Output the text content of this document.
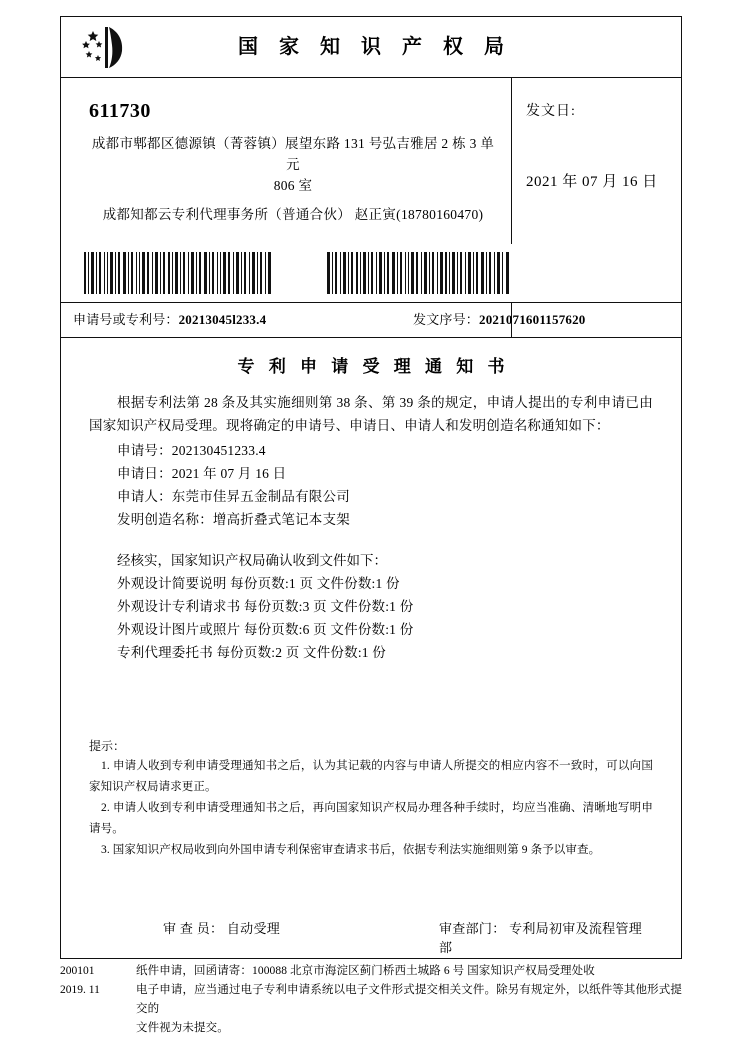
国 家 知 识 产 权 局
611730
成都市郫都区德源镇（菁蓉镇）展望东路 131 号弘吉雅居 2 栋 3 单元
806 室
成都知都云专利代理事务所（普通合伙） 赵正寅(18780160470)
发文日:
2021 年 07 月 16 日
申请号或专利号：20213045l233.4	发文序号：2021071601157620
专 利 申 请 受 理 通 知 书
根据专利法第 28 条及其实施细则第 38 条、第 39 条的规定，申请人提出的专利申请已由国家知识产权局受理。现将确定的申请号、申请日、申请人和发明创造名称通知如下：
申请号：202130451233.4
申请日：2021 年 07 月 16 日
申请人：东莞市佳昇五金制品有限公司
发明创造名称：增高折叠式笔记本支架
经核实，国家知识产权局确认收到文件如下：
外观设计简要说明 每份页数:1 页 文件份数:1 份
外观设计专利请求书 每份页数:3 页 文件份数:1 份
外观设计图片或照片 每份页数:6 页 文件份数:1 份
专利代理委托书 每份页数:2 页 文件份数:1 份
提示：
1. 申请人收到专利申请受理通知书之后，认为其记载的内容与申请人所提交的相应内容不一致时，可以向国家知识产权局请求更正。
2. 申请人收到专利申请受理通知书之后，再向国家知识产权局办理各种手续时，均应当准确、清晰地写明申请号。
3. 国家知识产权局收到向外国申请专利保密审查请求书后，依据专利法实施细则第 9 条予以审查。
审 查 员： 自动受理	审查部门： 专利局初审及流程管理部
200101
2019. 11
纸件申请，回函请寄：100088 北京市海淀区蓟门桥西土城路 6 号 国家知识产权局受理处收
电子申请，应当通过电子专利申请系统以电子文件形式提交相关文件。除另有规定外，以纸件等其他形式提交的
文件视为未提交。
